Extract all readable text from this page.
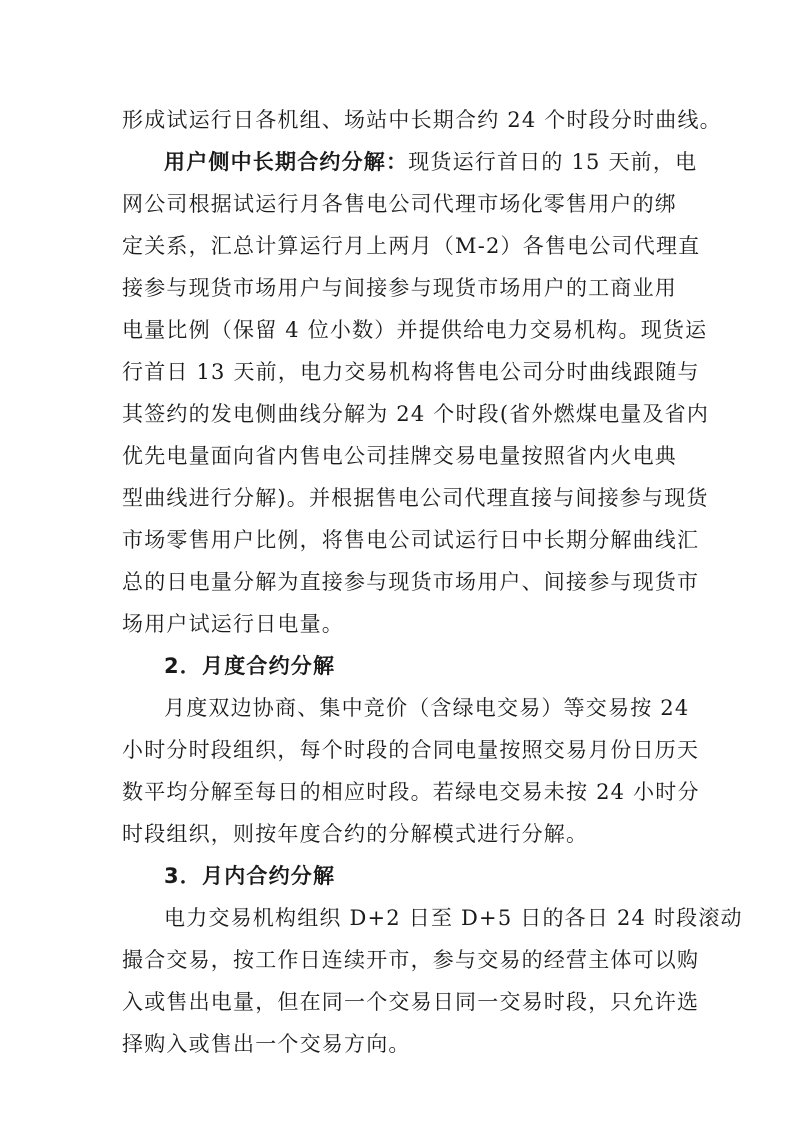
形成试运行日各机组、场站中长期合约 24 个时段分时曲线。
用户侧中长期合约分解：现货运行首日的 15 天前，电
网公司根据试运行月各售电公司代理市场化零售用户的绑
定关系，汇总计算运行月上两月（M-2）各售电公司代理直
接参与现货市场用户与间接参与现货市场用户的工商业用
电量比例（保留 4 位小数）并提供给电力交易机构。现货运
行首日 13 天前，电力交易机构将售电公司分时曲线跟随与
其签约的发电侧曲线分解为 24 个时段(省外燃煤电量及省内
优先电量面向省内售电公司挂牌交易电量按照省内火电典
型曲线进行分解)。并根据售电公司代理直接与间接参与现货
市场零售用户比例，将售电公司试运行日中长期分解曲线汇
总的日电量分解为直接参与现货市场用户、间接参与现货市
场用户试运行日电量。
2．月度合约分解
月度双边协商、集中竞价（含绿电交易）等交易按 24
小时分时段组织，每个时段的合同电量按照交易月份日历天
数平均分解至每日的相应时段。若绿电交易未按 24 小时分
时段组织，则按年度合约的分解模式进行分解。
3．月内合约分解
电力交易机构组织 D+2 日至 D+5 日的各日 24 时段滚动
撮合交易，按工作日连续开市，参与交易的经营主体可以购
入或售出电量，但在同一个交易日同一交易时段，只允许选
择购入或售出一个交易方向。
